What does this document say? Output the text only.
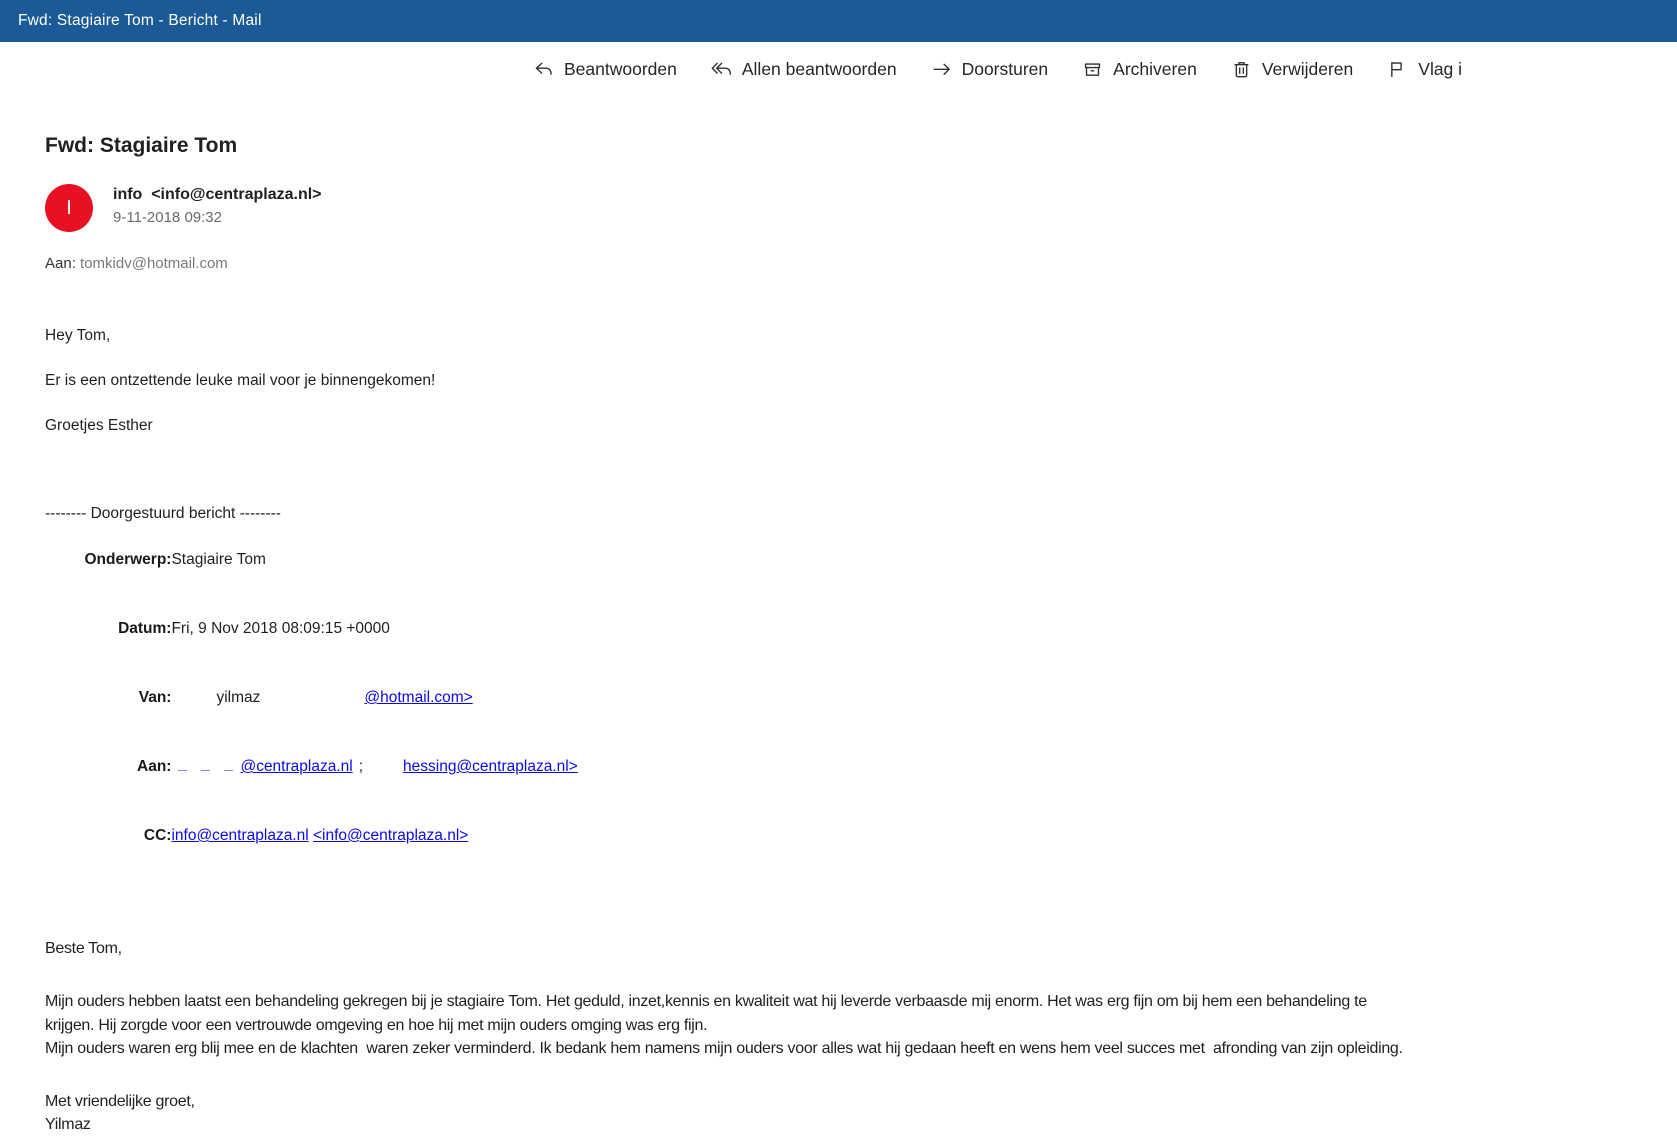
Fwd: Stagiaire Tom - Bericht - Mail
Beantwoorden	Allen beantwoorden	Doorsturen	Archiveren	Verwijderen	Vlag i
Fwd: Stagiaire Tom
I
info  <info@centraplaza.nl>
9-11-2018 09:32
Aan: tomkidv@hotmail.com
Hey Tom,
Er is een ontzettende leuke mail voor je binnengekomen!
Groetjes Esther
-------- Doorgestuurd bericht --------

Onderwerp:Stagiaire Tom

Datum:Fri, 9 Nov 2018 08:09:15 +0000

Van:	yilmaz	@hotmail.com>

Aan:	@centraplaza.nl ;	hessing@centraplaza.nl>

CC:info@centraplaza.nl <info@centraplaza.nl>

Beste Tom,
Mijn ouders hebben laatst een behandeling gekregen bij je stagiaire Tom. Het geduld, inzet,kennis en kwaliteit wat hij leverde verbaasde mij enorm. Het was erg fijn om bij hem een behandeling te
krijgen. Hij zorgde voor een vertrouwde omgeving en hoe hij met mijn ouders omging was erg fijn.
Mijn ouders waren erg blij mee en de klachten  waren zeker verminderd. Ik bedank hem namens mijn ouders voor alles wat hij gedaan heeft en wens hem veel succes met  afronding van zijn opleiding.
Met vriendelijke groet,
Yilmaz
